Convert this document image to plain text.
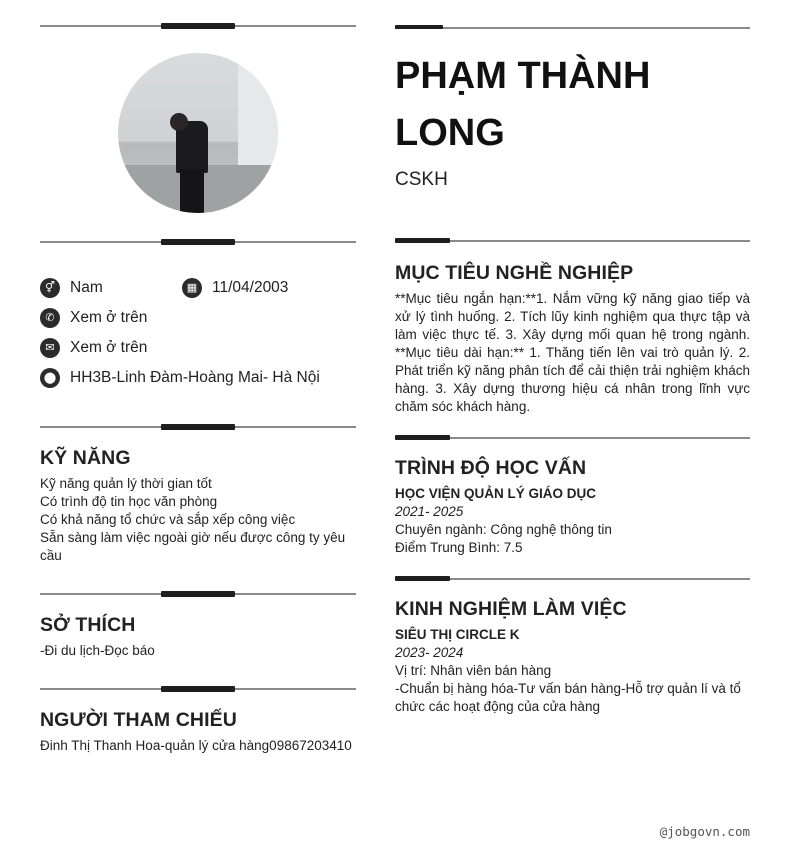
⚥ Nam	▦ 11/04/2003
✆ Xem ở trên
✉ Xem ở trên
⬤ HH3B-Linh Đàm-Hoàng Mai- Hà Nội
KỸ NĂNG
Kỹ năng quản lý thời gian tốt
Có trình độ tin học văn phòng
Có khả năng tổ chức và sắp xếp công việc
Sẵn sàng làm việc ngoài giờ nếu được công ty yêu cầu
SỞ THÍCH
-Đi du lịch-Đọc báo
NGƯỜI THAM CHIẾU
Đinh Thị Thanh Hoa-quản lý cửa hàng09867203410
PHẠM THÀNH LONG
CSKH
MỤC TIÊU NGHỀ NGHIỆP
**Mục tiêu ngắn hạn:**1. Nắm vững kỹ năng giao tiếp và xử lý tình huống. 2. Tích lũy kinh nghiệm qua thực tập và làm việc thực tế. 3. Xây dựng mối quan hệ trong ngành. **Mục tiêu dài hạn:** 1. Thăng tiến lên vai trò quản lý. 2. Phát triển kỹ năng phân tích để cải thiện trải nghiệm khách hàng. 3. Xây dựng thương hiệu cá nhân trong lĩnh vực chăm sóc khách hàng.
TRÌNH ĐỘ HỌC VẤN
HỌC VIỆN QUẢN LÝ GIÁO DỤC
2021- 2025
Chuyên ngành: Công nghệ thông tin
Điểm Trung Bình: 7.5
KINH NGHIỆM LÀM VIỆC
SIÊU THỊ CIRCLE K
2023- 2024
Vị trí: Nhân viên bán hàng
-Chuẩn bị hàng hóa-Tư vấn bán hàng-Hỗ trợ quản lí và tổ chức các hoạt động của cửa hàng
@jobgovn.com
